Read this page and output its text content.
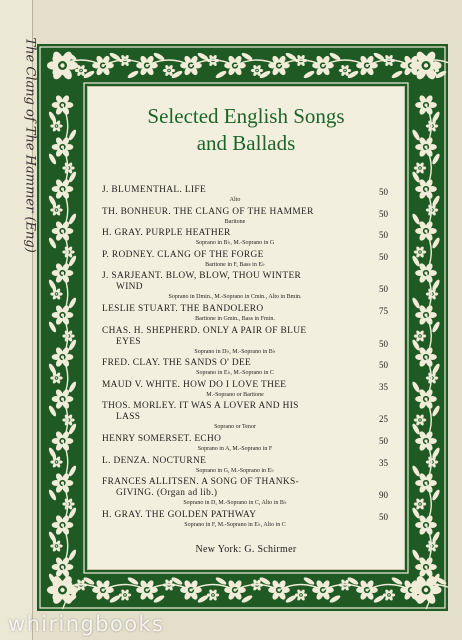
The Clang of The Hammer (Eng)	Selected English Songs
and Ballads
J. BLUMENTHAL. LIFE
Alto
50
TH. BONHEUR. THE CLANG OF THE HAMMER
Baritone
50
H. GRAY. PURPLE HEATHER
Soprano in B♭, M.-Soprano in G
50
P. RODNEY. CLANG OF THE FORGE
Baritone in F, Bass in E♭
50
J. SARJEANT. BLOW, BLOW, THOU WINTER
WIND
Soprano in Dmin., M.-Soprano in Cmin., Alto in Bmin.
50
LESLIE STUART. THE BANDOLERO
Baritone in Gmin., Bass in Fmin.
75
CHAS. H. SHEPHERD. ONLY A PAIR OF BLUE
EYES
Soprano in D♭, M.-Soprano in B♭
50
FRED. CLAY. THE SANDS O' DEE
Soprano in E♭, M.-Soprano in C
50
MAUD V. WHITE. HOW DO I LOVE THEE
M.-Soprano or Baritone
35
THOS. MORLEY. IT WAS A LOVER AND HIS
LASS
Soprano or Tenor
25
HENRY SOMERSET. ECHO
Soprano in A, M.-Soprano in F
50
L. DENZA. NOCTURNE
Soprano in G, M.-Soprano in E♭
35
FRANCES ALLITSEN. A SONG OF THANKS-
GIVING. (Organ ad lib.)
Soprano in D, M.-Soprano in C, Alto in B♭
90
H. GRAY. THE GOLDEN PATHWAY
Soprano in F, M.-Soprano in E♭, Alto in C
50
New York: G. Schirmer
whiringbooks
